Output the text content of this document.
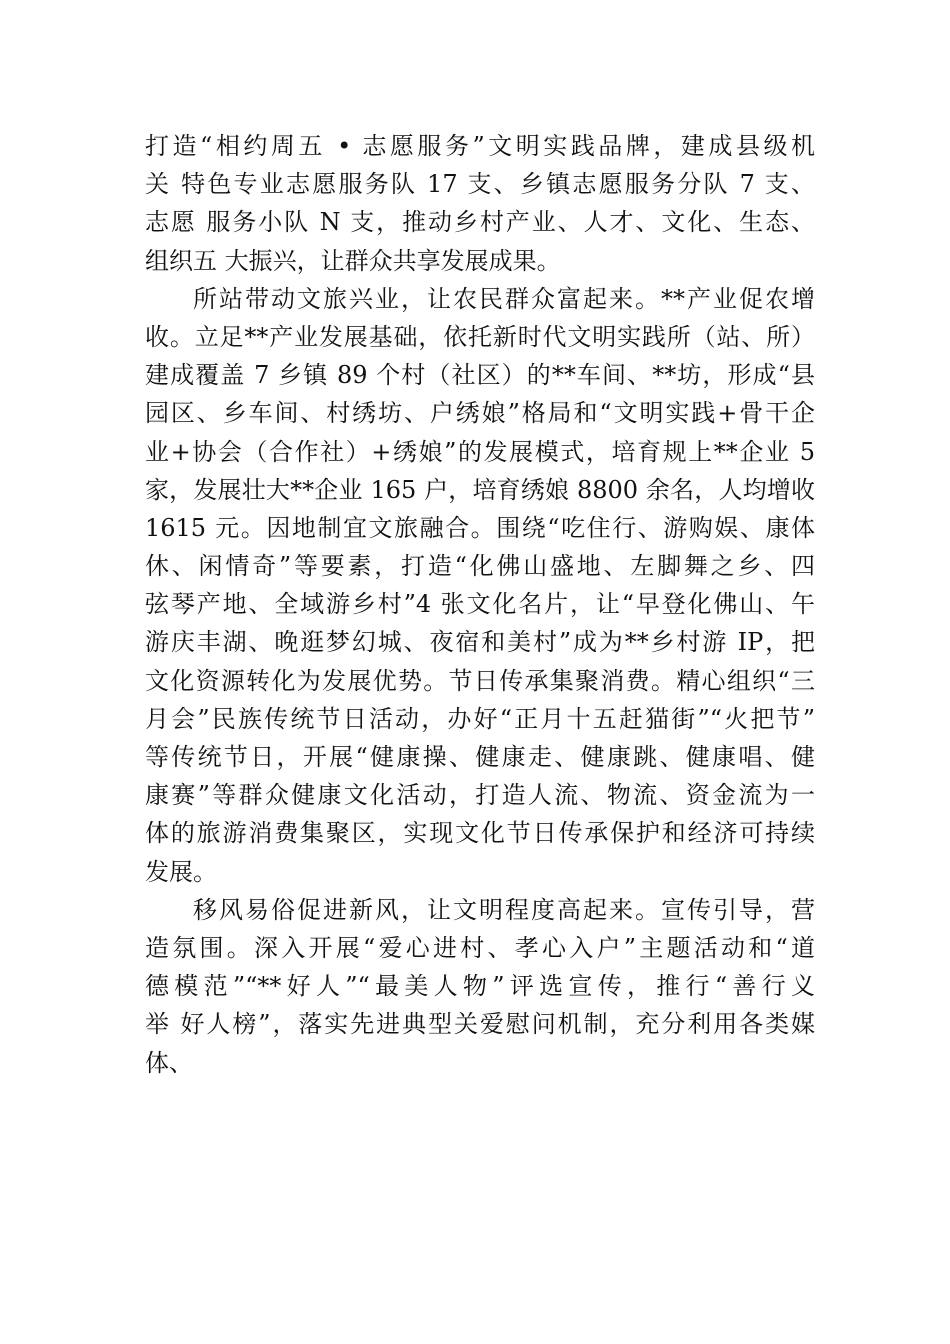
打造“相约周五 • 志愿服务”文明实践品牌，建成县级机
关 特色专业志愿服务队 17 支、乡镇志愿服务分队 7 支、
志愿 服务小队 N 支，推动乡村产业、人才、文化、生态、
组织五 大振兴，让群众共享发展成果。
所站带动文旅兴业，让农民群众富起来。**产业促农增
收。立足**产业发展基础，依托新时代文明实践所（站、所）
建成覆盖 7 乡镇 89 个村（社区）的**车间、**坊，形成“县
园区、乡车间、村绣坊、户绣娘”格局和“文明实践+骨干企
业+协会（合作社）+绣娘”的发展模式，培育规上**企业 5
家，发展壮大**企业 165 户，培育绣娘 8800 余名，人均增收
1615 元。因地制宜文旅融合。围绕“吃住行、游购娱、康体
休、闲情奇”等要素，打造“化佛山盛地、左脚舞之乡、四
弦琴产地、全域游乡村”4 张文化名片，让“早登化佛山、午
游庆丰湖、晚逛梦幻城、夜宿和美村”成为**乡村游 IP，把
文化资源转化为发展优势。节日传承集聚消费。精心组织“三
月会”民族传统节日活动，办好“正月十五赶猫街”“火把节”
等传统节日，开展“健康操、健康走、健康跳、健康唱、健
康赛”等群众健康文化活动，打造人流、物流、资金流为一
体的旅游消费集聚区，实现文化节日传承保护和经济可持续
发展。
移风易俗促进新风，让文明程度高起来。宣传引导，营
造氛围。深入开展“爱心进村、孝心入户”主题活动和“道
德模范”“**好人”“最美人物”评选宣传，推行“善行义
举 好人榜”，落实先进典型关爱慰问机制，充分利用各类媒
体、
